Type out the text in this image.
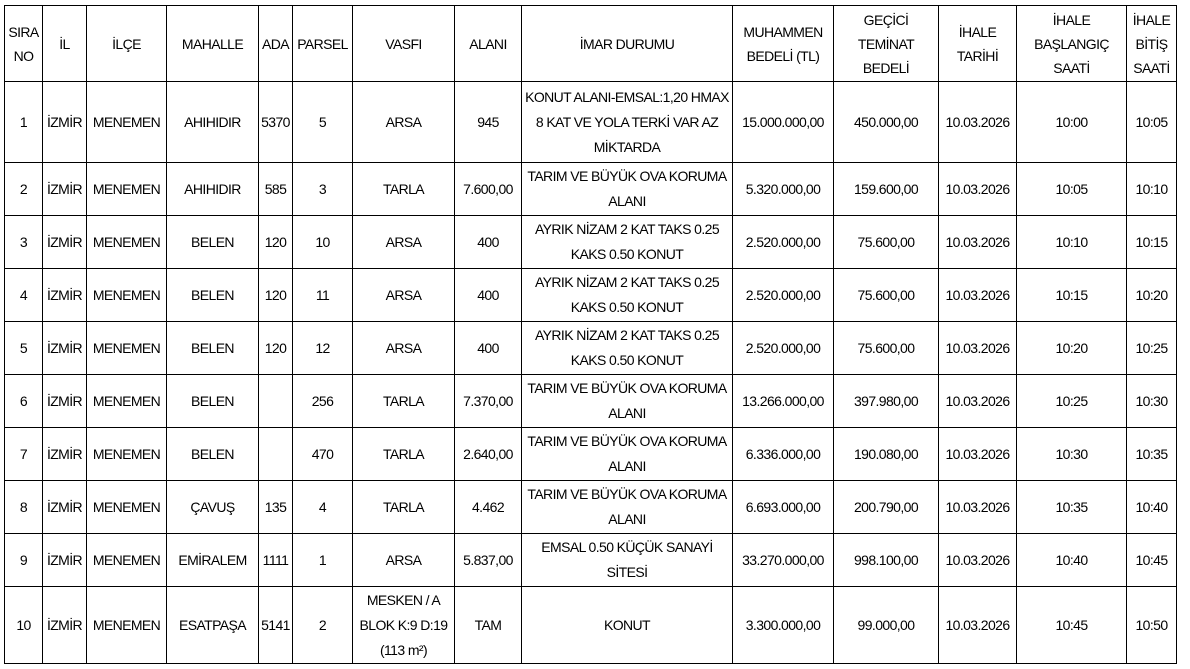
SIRA NO	İL	İLÇE	MAHALLE	ADA	PARSEL	VASFI	ALANI	İMAR DURUMU	MUHAMMEN BEDELİ (TL)	GEÇİCİ TEMİNAT BEDELİ	İHALE TARİHİ	İHALE BAŞLANGIÇ SAATİ	İHALE BİTİŞ SAATİ
1	İZMİR	MENEMEN	AHIHIDIR	5370	5	ARSA	945	KONUT ALANI-EMSAL:1,20 HMAX 8 KAT VE YOLA TERKİ VAR AZ MİKTARDA	15.000.000,00	450.000,00	10.03.2026	10:00	10:05
2	İZMİR	MENEMEN	AHIHIDIR	585	3	TARLA	7.600,00	TARIM VE BÜYÜK OVA KORUMA ALANI	5.320.000,00	159.600,00	10.03.2026	10:05	10:10
3	İZMİR	MENEMEN	BELEN	120	10	ARSA	400	AYRIK NİZAM 2 KAT TAKS 0.25 KAKS 0.50 KONUT	2.520.000,00	75.600,00	10.03.2026	10:10	10:15
4	İZMİR	MENEMEN	BELEN	120	11	ARSA	400	AYRIK NİZAM 2 KAT TAKS 0.25 KAKS 0.50 KONUT	2.520.000,00	75.600,00	10.03.2026	10:15	10:20
5	İZMİR	MENEMEN	BELEN	120	12	ARSA	400	AYRIK NİZAM 2 KAT TAKS 0.25 KAKS 0.50 KONUT	2.520.000,00	75.600,00	10.03.2026	10:20	10:25
6	İZMİR	MENEMEN	BELEN		256	TARLA	7.370,00	TARIM VE BÜYÜK OVA KORUMA ALANI	13.266.000,00	397.980,00	10.03.2026	10:25	10:30
7	İZMİR	MENEMEN	BELEN		470	TARLA	2.640,00	TARIM VE BÜYÜK OVA KORUMA ALANI	6.336.000,00	190.080,00	10.03.2026	10:30	10:35
8	İZMİR	MENEMEN	ÇAVUŞ	135	4	TARLA	4.462	TARIM VE BÜYÜK OVA KORUMA ALANI	6.693.000,00	200.790,00	10.03.2026	10:35	10:40
9	İZMİR	MENEMEN	EMİRALEM	1111	1	ARSA	5.837,00	EMSAL 0.50 KÜÇÜK SANAYİ SİTESİ	33.270.000,00	998.100,00	10.03.2026	10:40	10:45
10	İZMİR	MENEMEN	ESATPAŞA	5141	2	MESKEN / A BLOK K:9 D:19 (113 m²)	TAM	KONUT	3.300.000,00	99.000,00	10.03.2026	10:45	10:50
